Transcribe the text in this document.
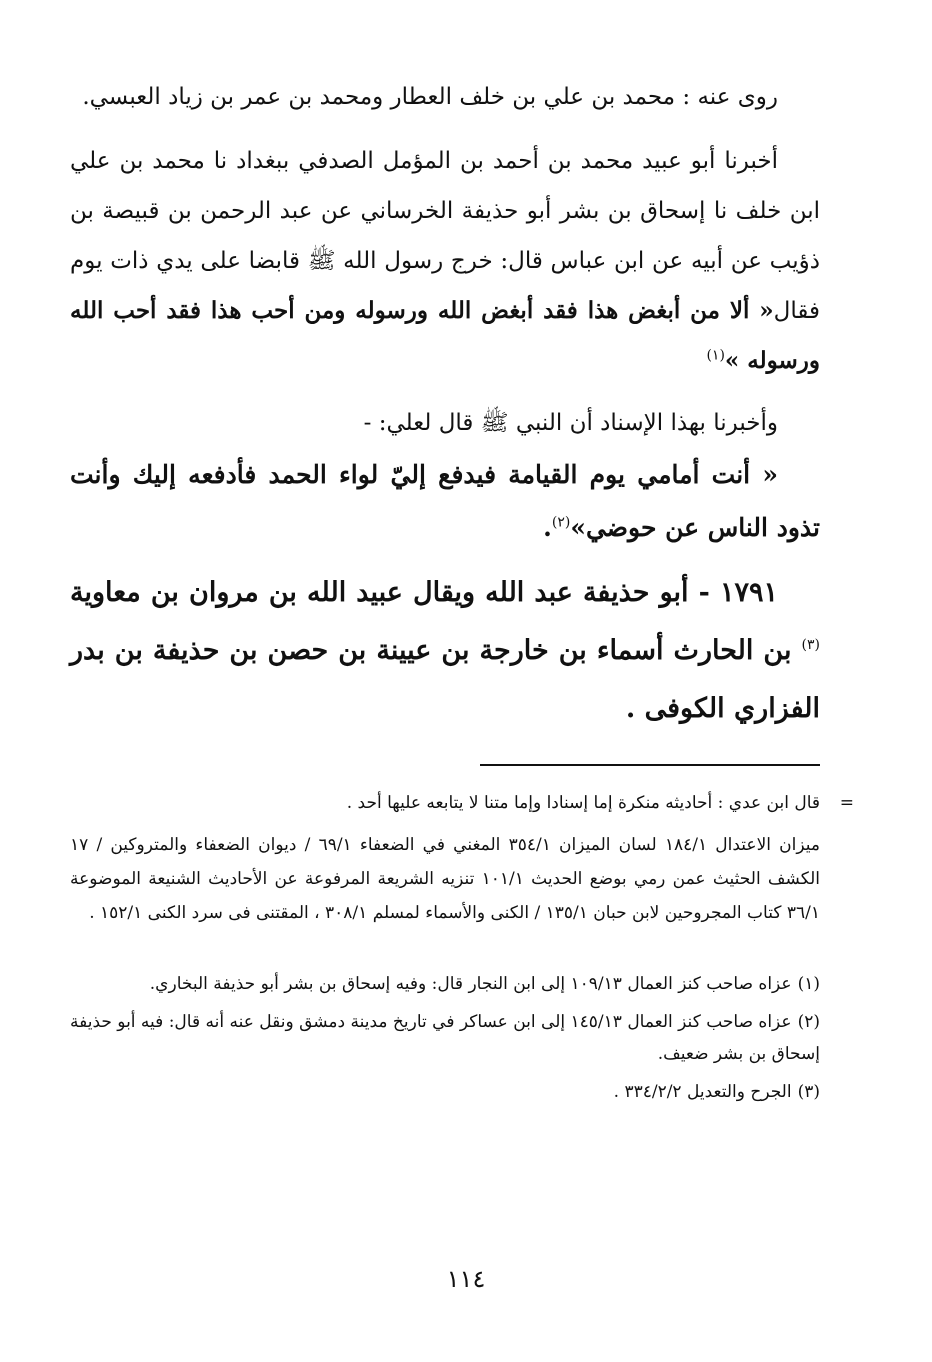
روى عنه : محمد بن علي بن خلف العطار ومحمد بن عمر بن زياد العبسي.

أخبرنا أبو عبيد محمد بن أحمد بن المؤمل الصدفي ببغداد نا محمد بن علي ابن خلف نا إسحاق بن بشر أبو حذيفة الخرساني عن عبد الرحمن بن قبيصة بن ذؤيب عن أبيه عن ابن عباس قال: خرج رسول الله ﷺ قابضا على يدي ذات يوم فقال« ألا من أبغض هذا فقد أبغض الله ورسوله ومن أحب هذا فقد أحب الله ورسوله »$^{(١)}$

وأخبرنا بهذا الإسناد أن النبي ﷺ قال لعلي: -

« أنت أمامي يوم القيامة فيدفع إليّ لواء الحمد فأدفعه إليك وأنت تذود الناس عن حوضي»$^{(٢)}$.

١٧٩١ - أبو حذيفة عبد الله ويقال عبيد الله بن مروان بن معاوية $^{(٣)}$ بن الحارث أسماء بن خارجة بن عيينة بن حصن بن حذيفة بن بدر الفزاري الكوفى .

=

قال ابن عدي : أحاديثه منكرة إما إسنادا وإما متنا لا يتابعه عليها أحد .

ميزان الاعتدال ١٨٤/١ لسان الميزان ٣٥٤/١ المغني في الضعفاء ٦٩/١ / ديوان الضعفاء والمتروكين / ١٧ الكشف الحثيث عمن رمي بوضع الحديث ١٠١/١ تنزيه الشريعة المرفوعة عن الأحاديث الشنيعة الموضوعة ٣٦/١ كتاب المجروحين لابن حبان ١٣٥/١ / الكنى والأسماء لمسلم ٣٠٨/١ ، المقتنى فى سرد الكنى ١٥٢/١ .

(١)عزاه صاحب كنز العمال ١٠٩/١٣ إلى ابن النجار قال: وفيه إسحاق بن بشر أبو حذيفة البخاري.

(٢)عزاه صاحب كنز العمال ١٤٥/١٣ إلى ابن عساكر في تاريخ مدينة دمشق ونقل عنه أنه قال: فيه أبو حذيفة إسحاق بن بشر ضعيف.

(٣)الجرح والتعديل ٣٣٤/٢/٢ .

١١٤
